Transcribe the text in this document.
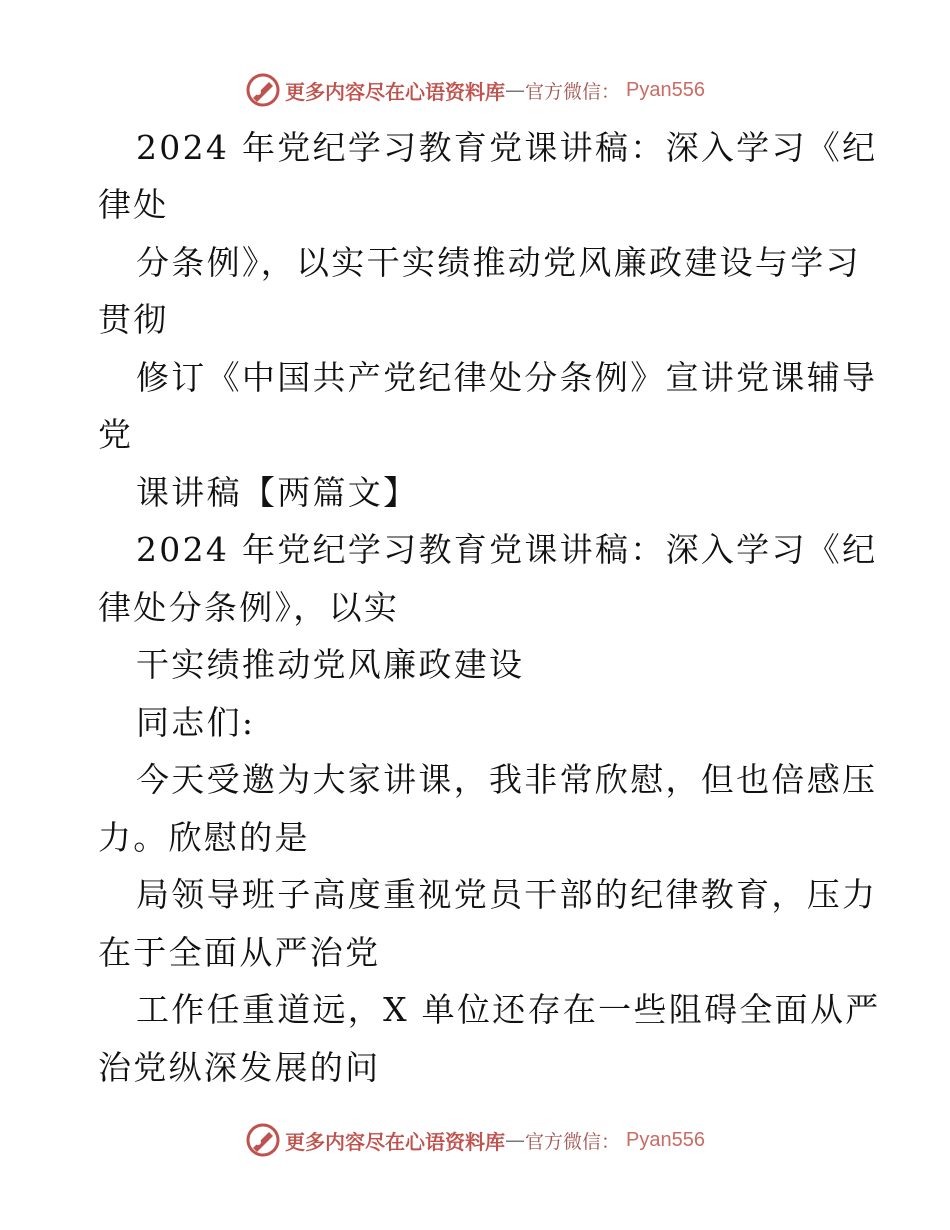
更多内容尽在心语资料库 — 官方微信： Pyan556
2024 年党纪学习教育党课讲稿：深入学习《纪
律处
分条例》，以实干实绩推动党风廉政建设与学习
贯彻
修订《中国共产党纪律处分条例》宣讲党课辅导
党
课讲稿【两篇文】
2024 年党纪学习教育党课讲稿：深入学习《纪
律处分条例》，以实
干实绩推动党风廉政建设
同志们:
今天受邀为大家讲课，我非常欣慰，但也倍感压
力。欣慰的是
局领导班子高度重视党员干部的纪律教育，压力
在于全面从严治党
工作任重道远，X 单位还存在一些阻碍全面从严
治党纵深发展的问
更多内容尽在心语资料库 — 官方微信： Pyan556
